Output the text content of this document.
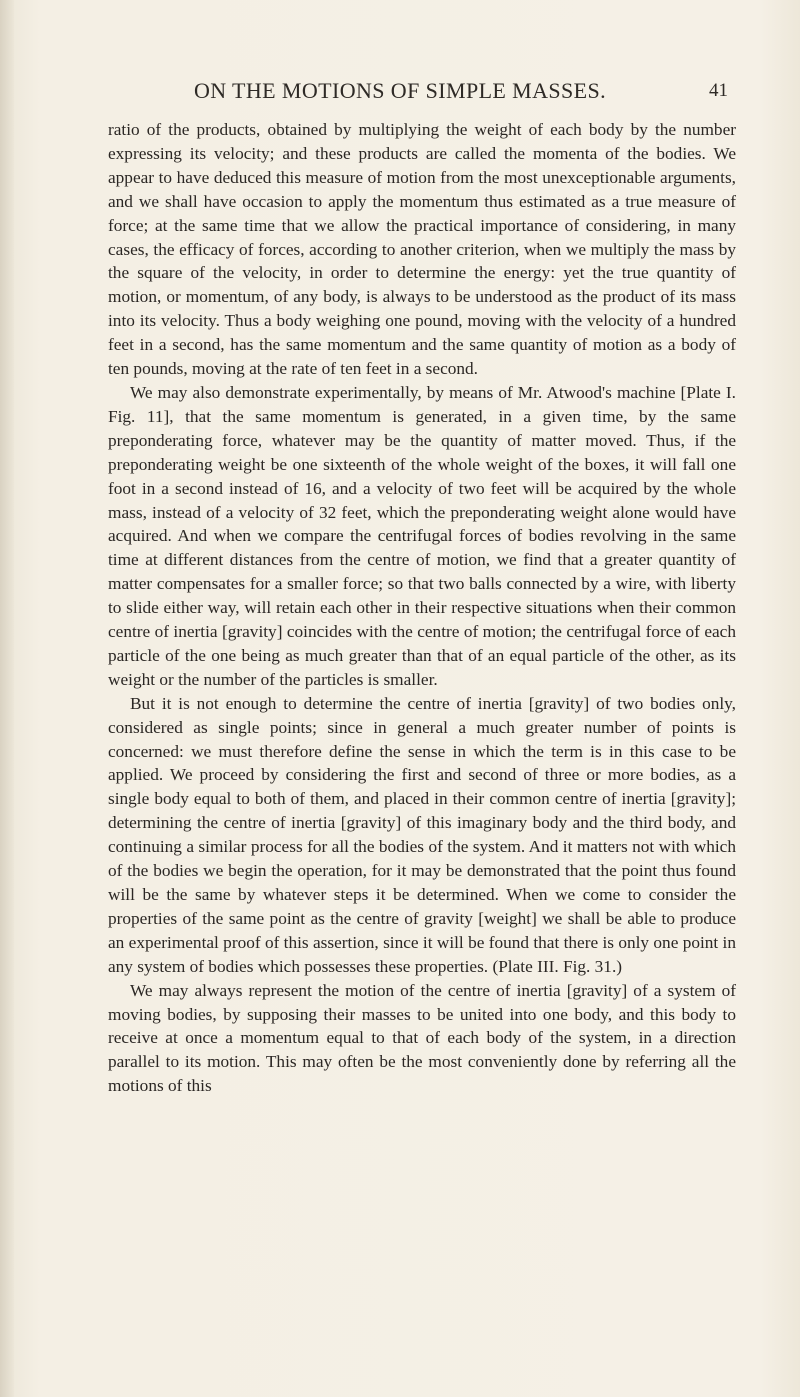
ON THE MOTIONS OF SIMPLE MASSES.	41

ratio of the products, obtained by multiplying the weight of each body by the number expressing its velocity; and these products are called the momenta of the bodies. We appear to have deduced this measure of motion from the most unexceptionable arguments, and we shall have occasion to apply the momentum thus estimated as a true measure of force; at the same time that we allow the practical importance of considering, in many cases, the efficacy of forces, according to another criterion, when we multiply the mass by the square of the velocity, in order to determine the energy: yet the true quantity of motion, or momentum, of any body, is always to be understood as the product of its mass into its velocity. Thus a body weighing one pound, moving with the velocity of a hundred feet in a second, has the same momentum and the same quantity of motion as a body of ten pounds, moving at the rate of ten feet in a second.

We may also demonstrate experimentally, by means of Mr. Atwood's machine [Plate I. Fig. 11], that the same momentum is generated, in a given time, by the same preponderating force, whatever may be the quantity of matter moved. Thus, if the preponderating weight be one sixteenth of the whole weight of the boxes, it will fall one foot in a second instead of 16, and a velocity of two feet will be acquired by the whole mass, instead of a velocity of 32 feet, which the preponderating weight alone would have acquired. And when we compare the centrifugal forces of bodies revolving in the same time at different distances from the centre of motion, we find that a greater quantity of matter compensates for a smaller force; so that two balls connected by a wire, with liberty to slide either way, will retain each other in their respective situations when their common centre of inertia [gravity] coincides with the centre of motion; the centrifugal force of each particle of the one being as much greater than that of an equal particle of the other, as its weight or the number of the particles is smaller.

But it is not enough to determine the centre of inertia [gravity] of two bodies only, considered as single points; since in general a much greater number of points is concerned: we must therefore define the sense in which the term is in this case to be applied. We proceed by considering the first and second of three or more bodies, as a single body equal to both of them, and placed in their common centre of inertia [gravity]; determining the centre of inertia [gravity] of this imaginary body and the third body, and continuing a similar process for all the bodies of the system. And it matters not with which of the bodies we begin the operation, for it may be demonstrated that the point thus found will be the same by whatever steps it be determined. When we come to consider the properties of the same point as the centre of gravity [weight] we shall be able to produce an experimental proof of this assertion, since it will be found that there is only one point in any system of bodies which possesses these properties. (Plate III. Fig. 31.)

We may always represent the motion of the centre of inertia [gravity] of a system of moving bodies, by supposing their masses to be united into one body, and this body to receive at once a momentum equal to that of each body of the system, in a direction parallel to its motion. This may often be the most conveniently done by referring all the motions of this
